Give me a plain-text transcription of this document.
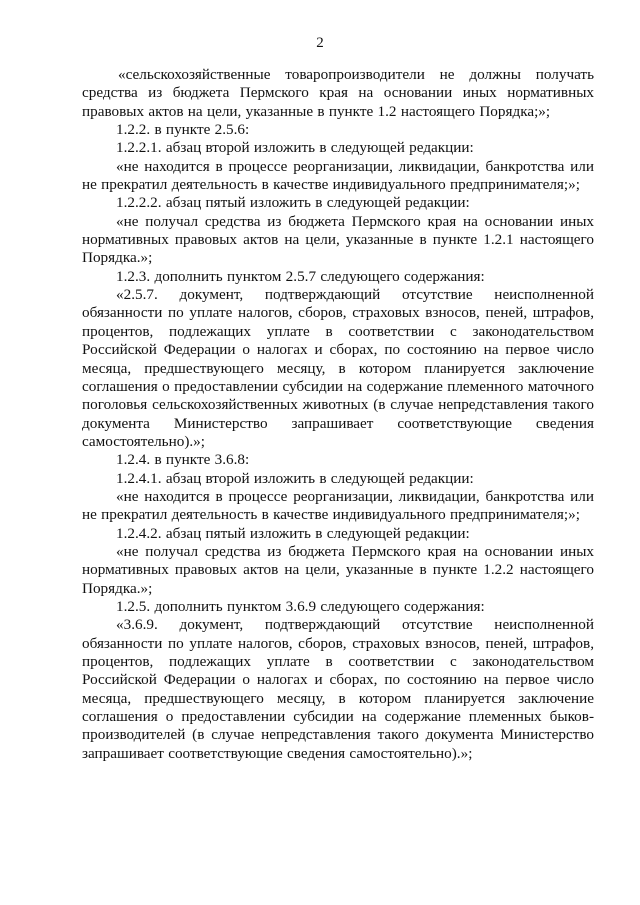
2

«сельскохозяйственные товаропроизводители не должны получать средства из бюджета Пермского края на основании иных нормативных правовых актов на цели, указанные в пункте 1.2 настоящего Порядка;»;

1.2.2. в пункте 2.5.6:

1.2.2.1. абзац второй изложить в следующей редакции:

«не находится в процессе реорганизации, ликвидации, банкротства или не прекратил деятельность в качестве индивидуального предпринимателя;»;

1.2.2.2. абзац пятый изложить в следующей редакции:

«не получал средства из бюджета Пермского края на основании иных нормативных правовых актов на цели, указанные в пункте 1.2.1 настоящего Порядка.»;

1.2.3. дополнить пунктом 2.5.7 следующего содержания:

«2.5.7. документ, подтверждающий отсутствие неисполненной обязанности по уплате налогов, сборов, страховых взносов, пеней, штрафов, процентов, подлежащих уплате в соответствии с законодательством Российской Федерации о налогах и сборах, по состоянию на первое число месяца, предшествующего месяцу, в котором планируется заключение соглашения о предоставлении субсидии на содержание племенного маточного поголовья сельскохозяйственных животных (в случае непредставления такого документа Министерство запрашивает соответствующие сведения самостоятельно).»;

1.2.4. в пункте 3.6.8:

1.2.4.1. абзац второй изложить в следующей редакции:

«не находится в процессе реорганизации, ликвидации, банкротства или не прекратил деятельность в качестве индивидуального предпринимателя;»;

1.2.4.2. абзац пятый изложить в следующей редакции:

«не получал средства из бюджета Пермского края на основании иных нормативных правовых актов на цели, указанные в пункте 1.2.2 настоящего Порядка.»;

1.2.5. дополнить пунктом 3.6.9 следующего содержания:

«3.6.9. документ, подтверждающий отсутствие неисполненной обязанности по уплате налогов, сборов, страховых взносов, пеней, штрафов, процентов, подлежащих уплате в соответствии с законодательством Российской Федерации о налогах и сборах, по состоянию на первое число месяца, предшествующего месяцу, в котором планируется заключение соглашения о предоставлении субсидии на содержание племенных быков-производителей (в случае непредставления такого документа Министерство запрашивает соответствующие сведения самостоятельно).»;
